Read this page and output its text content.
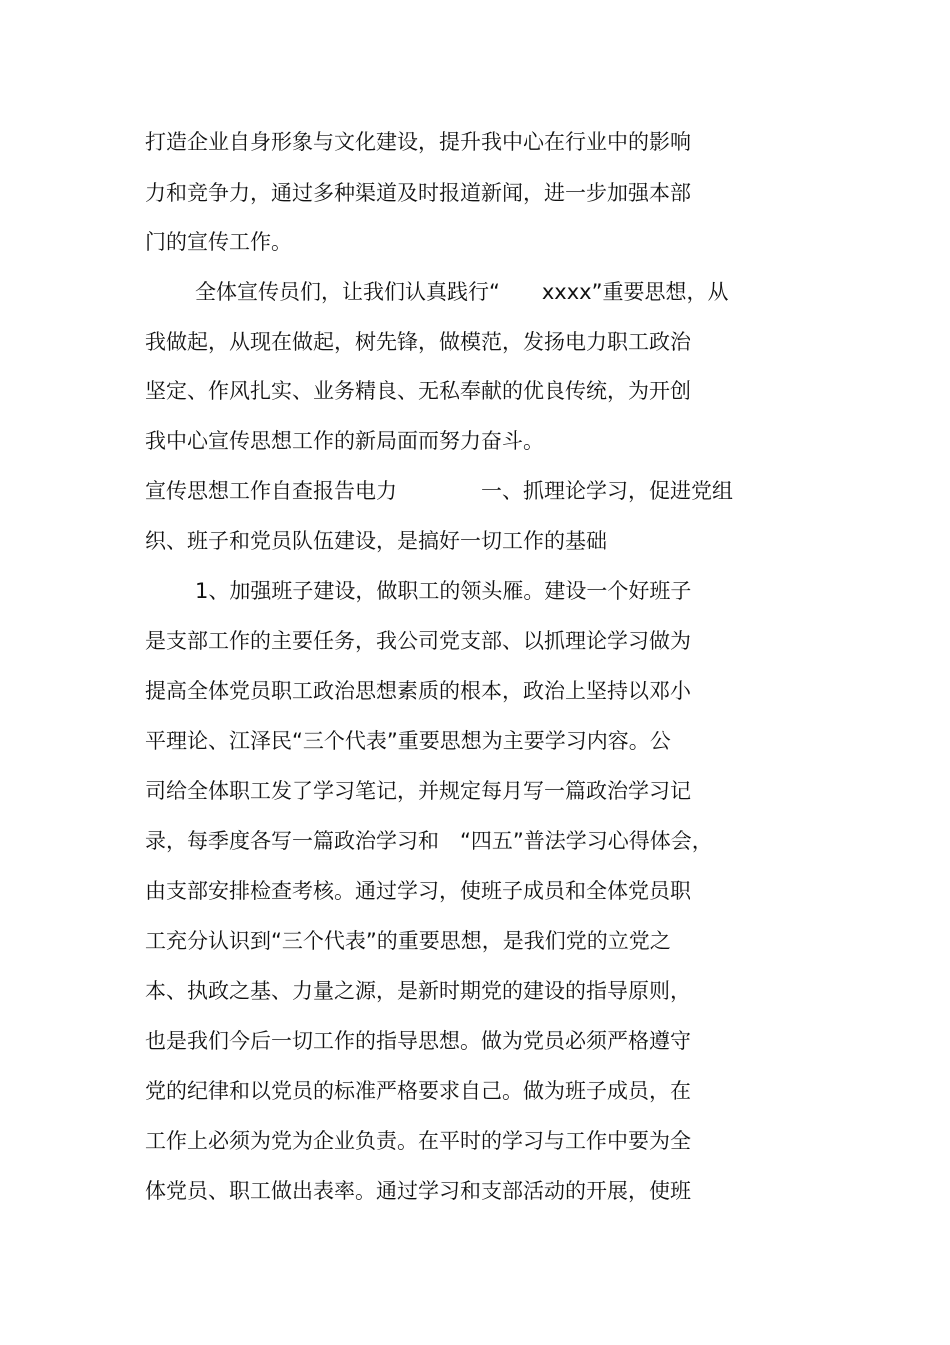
打造企业自身形象与文化建设，提升我中心在行业中的影响
力和竞争力，通过多种渠道及时报道新闻，进一步加强本部
门的宣传工作。
全体宣传员们，让我们认真践行“　　xxxx”重要思想，从
我做起，从现在做起，树先锋，做模范，发扬电力职工政治
坚定、作风扎实、业务精良、无私奉献的优良传统，为开创
我中心宣传思想工作的新局面而努力奋斗。
宣传思想工作自查报告电力　　　　一、抓理论学习，促进党组
织、班子和党员队伍建设，是搞好一切工作的基础
1、加强班子建设，做职工的领头雁。建设一个好班子
是支部工作的主要任务，我公司党支部、以抓理论学习做为
提高全体党员职工政治思想素质的根本，政治上坚持以邓小
平理论、江泽民“三个代表”重要思想为主要学习内容。公
司给全体职工发了学习笔记，并规定每月写一篇政治学习记
录，每季度各写一篇政治学习和　“四五”普法学习心得体会，
由支部安排检查考核。通过学习，使班子成员和全体党员职
工充分认识到“三个代表”的重要思想，是我们党的立党之
本、执政之基、力量之源，是新时期党的建设的指导原则，
也是我们今后一切工作的指导思想。做为党员必须严格遵守
党的纪律和以党员的标准严格要求自己。做为班子成员，在
工作上必须为党为企业负责。在平时的学习与工作中要为全
体党员、职工做出表率。通过学习和支部活动的开展，使班
